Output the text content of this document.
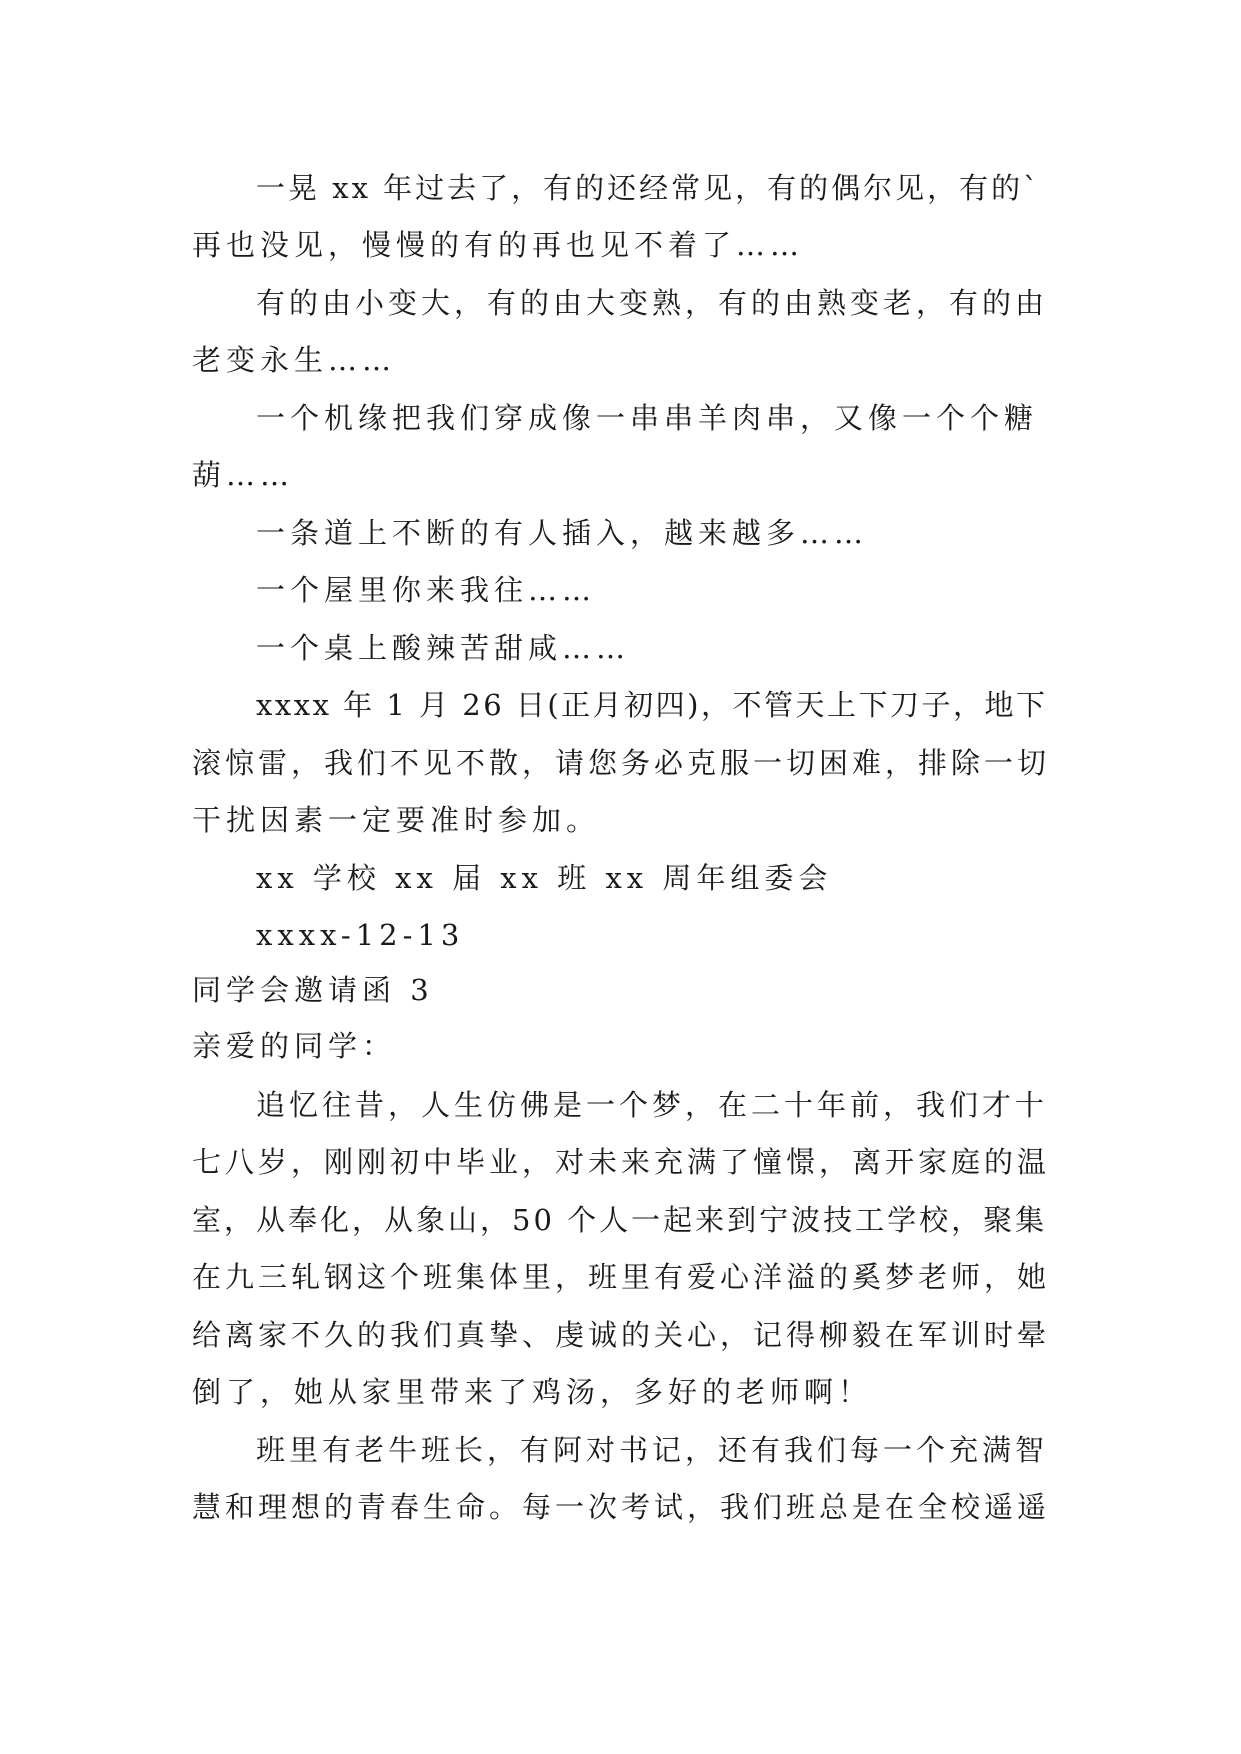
一晃 xx 年过去了，有的还经常见，有的偶尔见，有的`
再也没见，慢慢的有的再也见不着了……
有的由小变大，有的由大变熟，有的由熟变老，有的由
老变永生……
一个机缘把我们穿成像一串串羊肉串，又像一个个糖
葫……
一条道上不断的有人插入，越来越多……
一个屋里你来我往……
一个桌上酸辣苦甜咸……
xxxx 年 1 月 26 日(正月初四)，不管天上下刀子，地下
滚惊雷，我们不见不散，请您务必克服一切困难，排除一切
干扰因素一定要准时参加。
xx 学校 xx 届 xx 班 xx 周年组委会
xxxx-12-13
同学会邀请函 3
亲爱的同学：
追忆往昔，人生仿佛是一个梦，在二十年前，我们才十
七八岁，刚刚初中毕业，对未来充满了憧憬，离开家庭的温
室，从奉化，从象山，50 个人一起来到宁波技工学校，聚集
在九三轧钢这个班集体里，班里有爱心洋溢的奚梦老师，她
给离家不久的我们真挚、虔诚的关心，记得柳毅在军训时晕
倒了，她从家里带来了鸡汤，多好的老师啊！
班里有老牛班长，有阿对书记，还有我们每一个充满智
慧和理想的青春生命。每一次考试，我们班总是在全校遥遥
